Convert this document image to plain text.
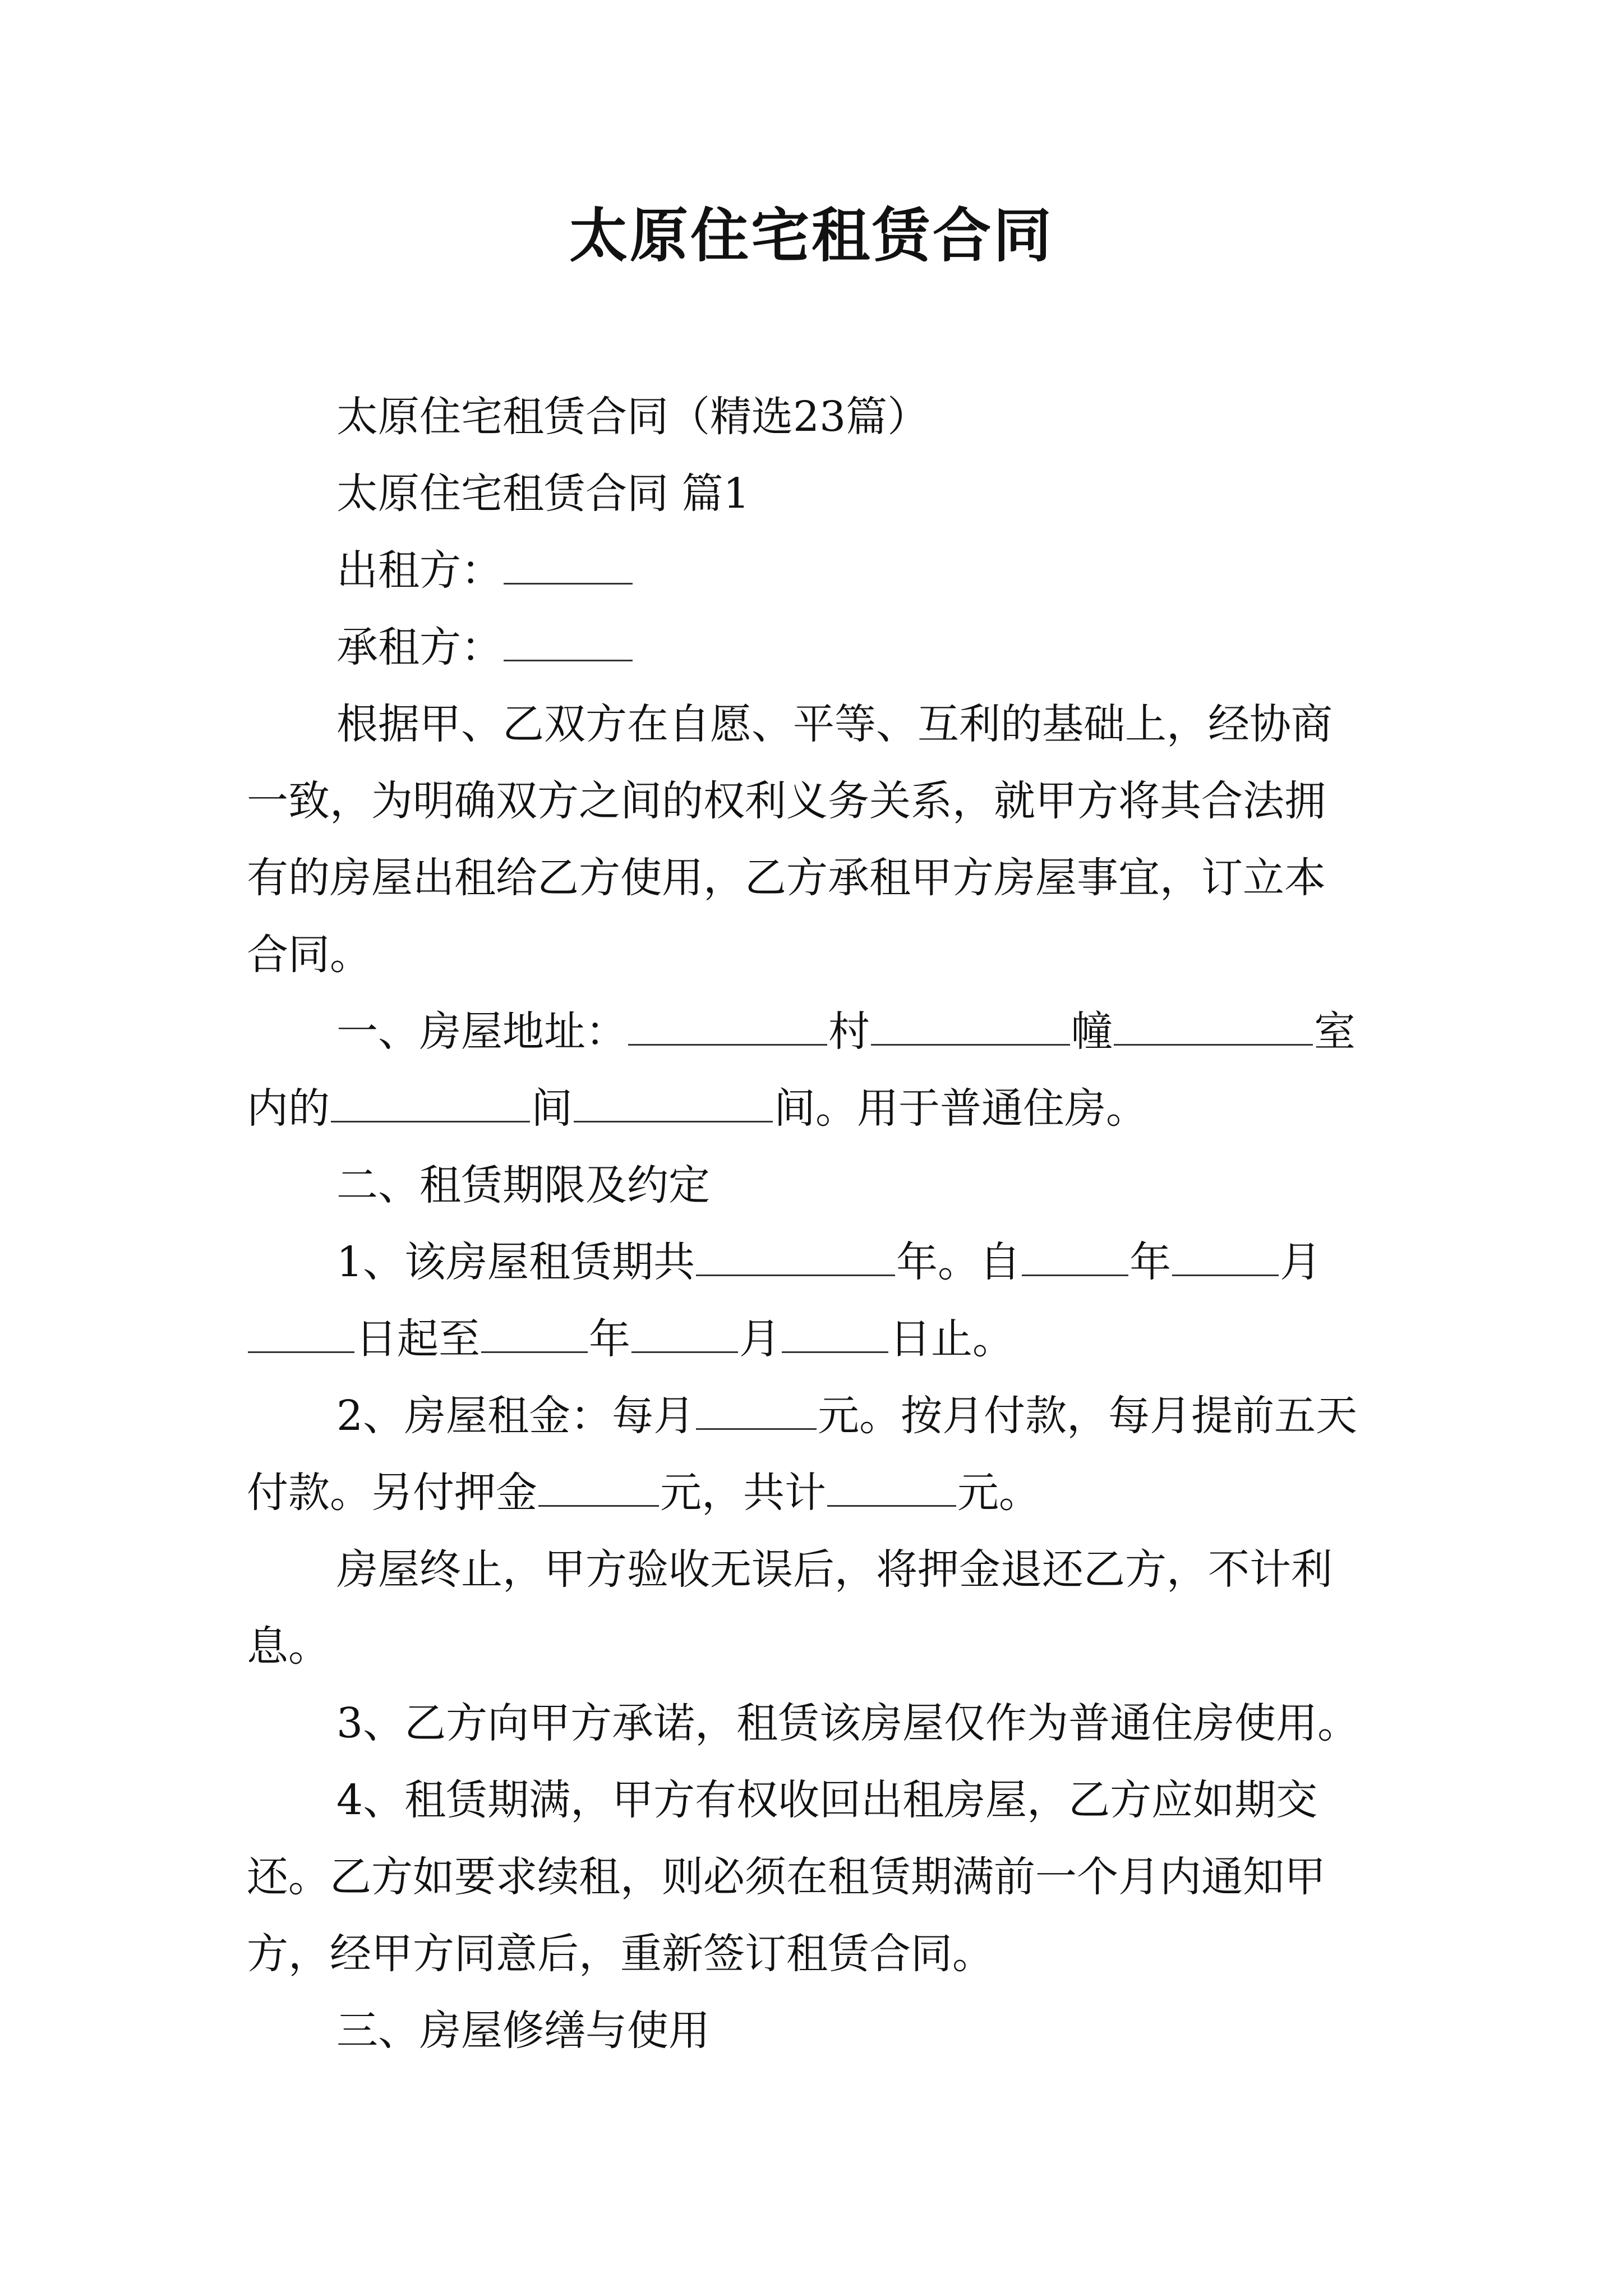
太原住宅租赁合同
太原住宅租赁合同（精选23篇）
太原住宅租赁合同 篇1
出租方：
承租方：
根据甲、乙双方在自愿、平等、互利的基础上，经协商
一致，为明确双方之间的权利义务关系，就甲方将其合法拥
有的房屋出租给乙方使用，乙方承租甲方房屋事宜，订立本
合同。
一、房屋地址：	村	幢	室
内的	间	间。用于普通住房。
二、租赁期限及约定
1、该房屋租赁期共	年。自	年	月
日起至	年	月	日止。
2、房屋租金：每月	元。按月付款，每月提前五天
付款。另付押金	元，共计	元。
房屋终止，甲方验收无误后，将押金退还乙方，不计利
息。
3、乙方向甲方承诺，租赁该房屋仅作为普通住房使用。
4、租赁期满，甲方有权收回出租房屋，乙方应如期交
还。乙方如要求续租，则必须在租赁期满前一个月内通知甲
方，经甲方同意后，重新签订租赁合同。
三、房屋修缮与使用
